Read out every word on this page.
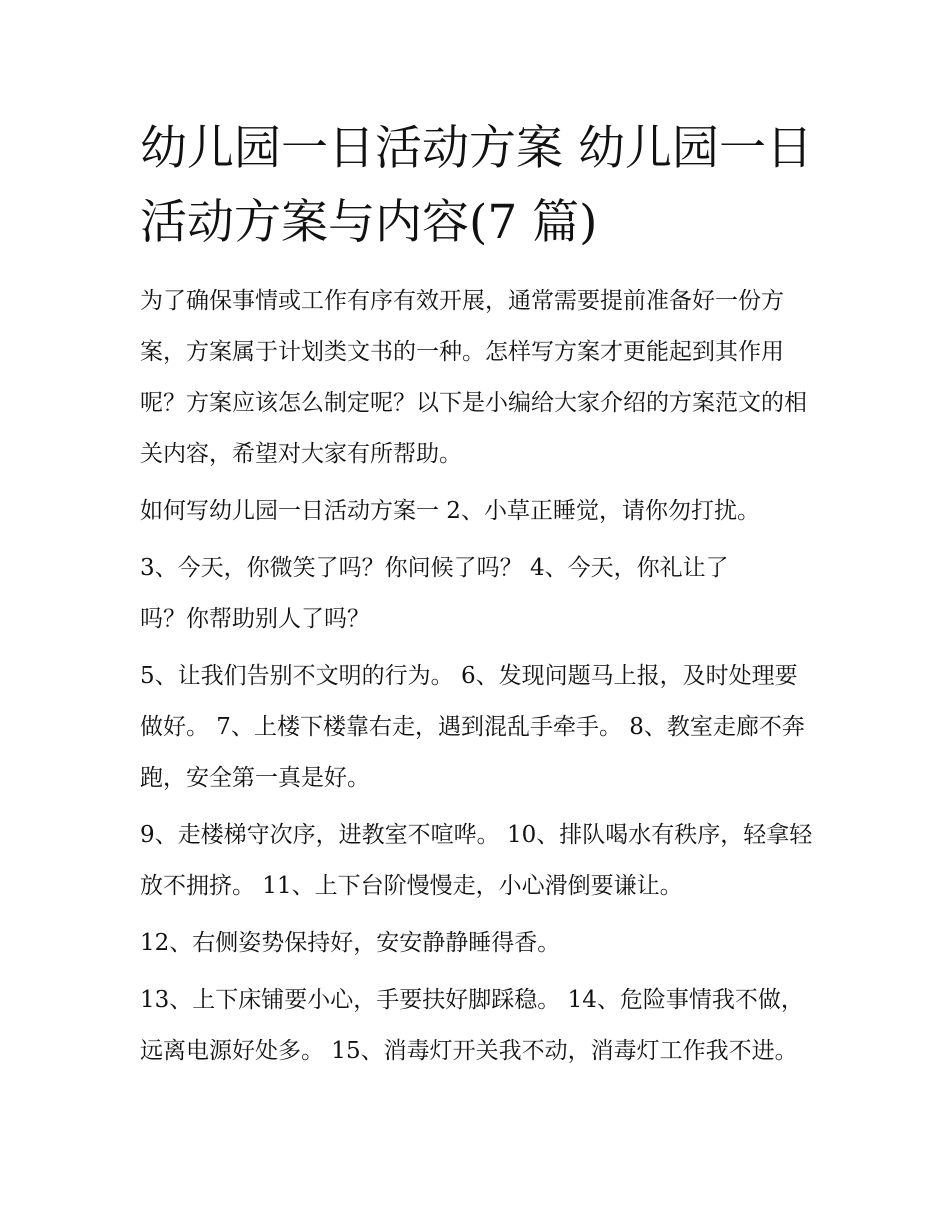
幼儿园一日活动方案 幼儿园一日活动方案与内容(7 篇)

为了确保事情或工作有序有效开展，通常需要提前准备好一份方案，方案属于计划类文书的一种。怎样写方案才更能起到其作用呢？方案应该怎么制定呢？以下是小编给大家介绍的方案范文的相关内容，希望对大家有所帮助。

如何写幼儿园一日活动方案一 2、小草正睡觉，请你勿打扰。

3、今天，你微笑了吗？你问候了吗？ 4、今天，你礼让了
吗？你帮助别人了吗？

5、让我们告别不文明的行为。 6、发现问题马上报，及时处理要做好。 7、上楼下楼靠右走，遇到混乱手牵手。 8、教室走廊不奔跑，安全第一真是好。

9、走楼梯守次序，进教室不喧哗。 10、排队喝水有秩序，轻拿轻放不拥挤。 11、上下台阶慢慢走，小心滑倒要谦让。

12、右侧姿势保持好，安安静静睡得香。

13、上下床铺要小心，手要扶好脚踩稳。 14、危险事情我不做，远离电源好处多。 15、消毒灯开关我不动，消毒灯工作我不进。
